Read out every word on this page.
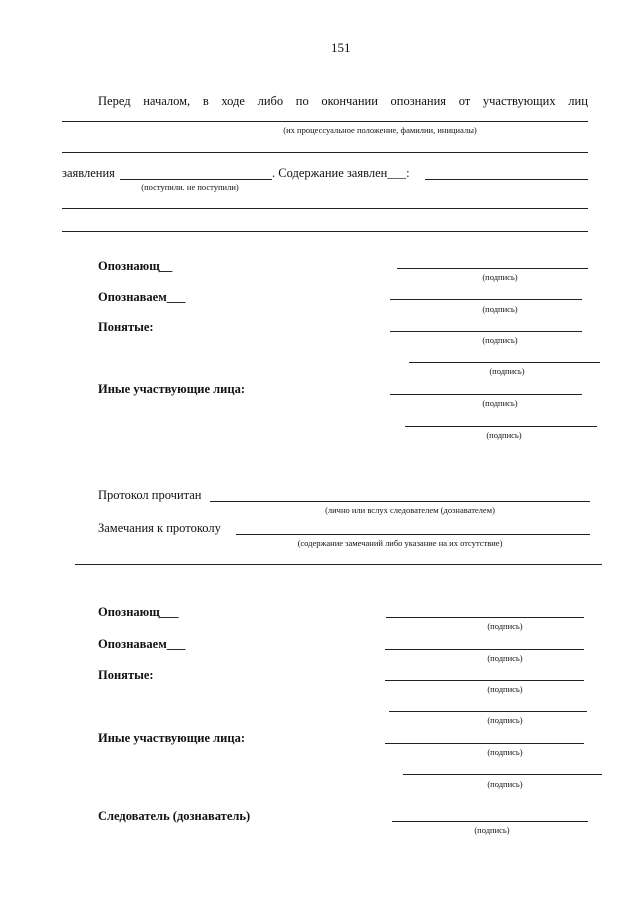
151
Перед началом, в ходе либо по окончании опознания от участвующих лиц
(их процессуальное положение, фамилии, инициалы)
заявления	. Содержание заявлен___:
(поступили. не поступили)
Опознающ__
(подпись)
Опознаваем___
(подпись)
Понятые:
(подпись)
(подпись)
Иные участвующие лица:
(подпись)
(подпись)
Протокол прочитан
(лично или вслух следователем (дознавателем)
Замечания к протоколу
(содержание замечаний либо указание на их отсутствие)
Опознающ___
(подпись)
Опознаваем___
(подпись)
Понятые:
(подпись)
(подпись)
Иные участвующие лица:
(подпись)
(подпись)
Следователь (дознаватель)
(подпись)
